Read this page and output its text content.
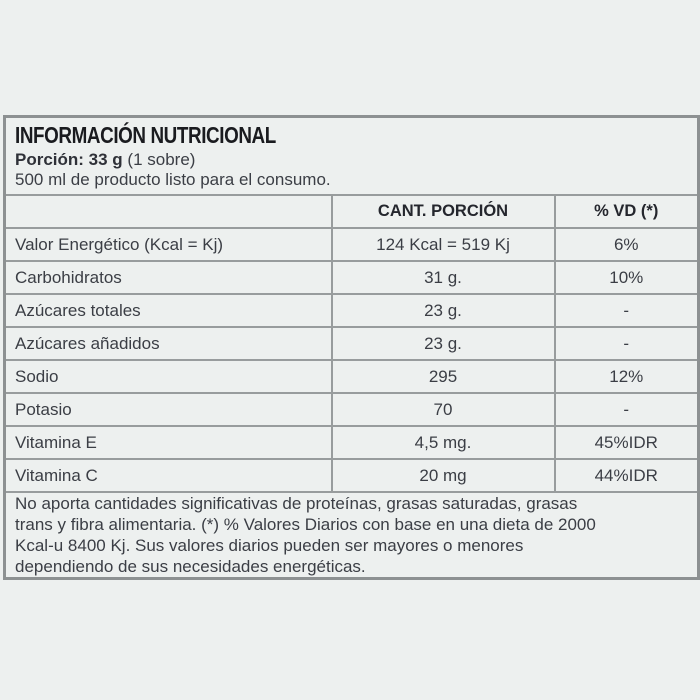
INFORMACIÓN NUTRICIONAL
Porción: 33 g (1 sobre)
500 ml de producto listo para el consumo.		

	CANT. PORCIÓN	% VD (*)
Valor Energético (Kcal = Kj)	124 Kcal = 519 Kj	6%
Carbohidratos	31 g.	10%
Azúcares totales	23 g.	-
Azúcares añadidos	23 g.	-
Sodio	295	12%
Potasio	70	-
Vitamina E	4,5 mg.	45%IDR
Vitamina C	20 mg	44%IDR

No aporta cantidades significativas de proteínas, grasas saturadas, grasas
trans y fibra alimentaria. (*) % Valores Diarios con base en una dieta de 2000
Kcal-u 8400 Kj. Sus valores diarios pueden ser mayores o menores
dependiendo de sus necesidades energéticas.		
